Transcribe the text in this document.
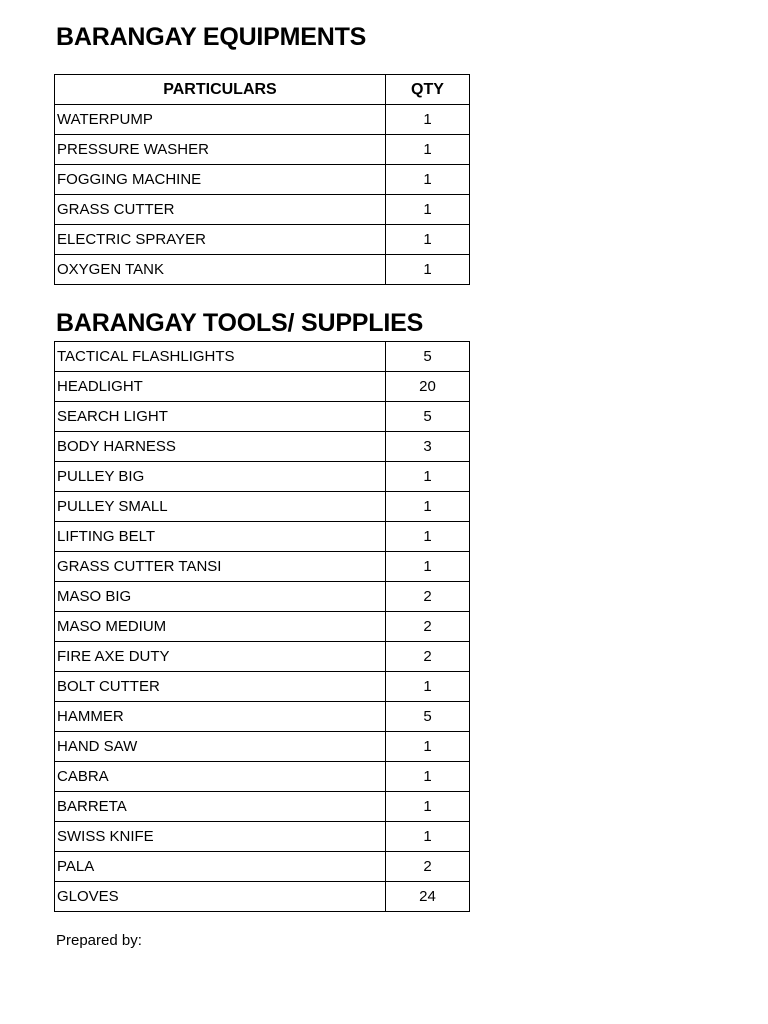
BARANGAY EQUIPMENTS
PARTICULARS	QTY
WATERPUMP	1
PRESSURE WASHER	1
FOGGING MACHINE	1
GRASS CUTTER	1
ELECTRIC SPRAYER	1
OXYGEN TANK	1
BARANGAY TOOLS/ SUPPLIES
TACTICAL FLASHLIGHTS	5
HEADLIGHT	20
SEARCH LIGHT	5
BODY HARNESS	3
PULLEY BIG	1
PULLEY SMALL	1
LIFTING BELT	1
GRASS CUTTER TANSI	1
MASO BIG	2
MASO MEDIUM	2
FIRE AXE DUTY	2
BOLT CUTTER	1
HAMMER	5
HAND SAW	1
CABRA	1
BARRETA	1
SWISS KNIFE	1
PALA	2
GLOVES	24
Prepared by:
